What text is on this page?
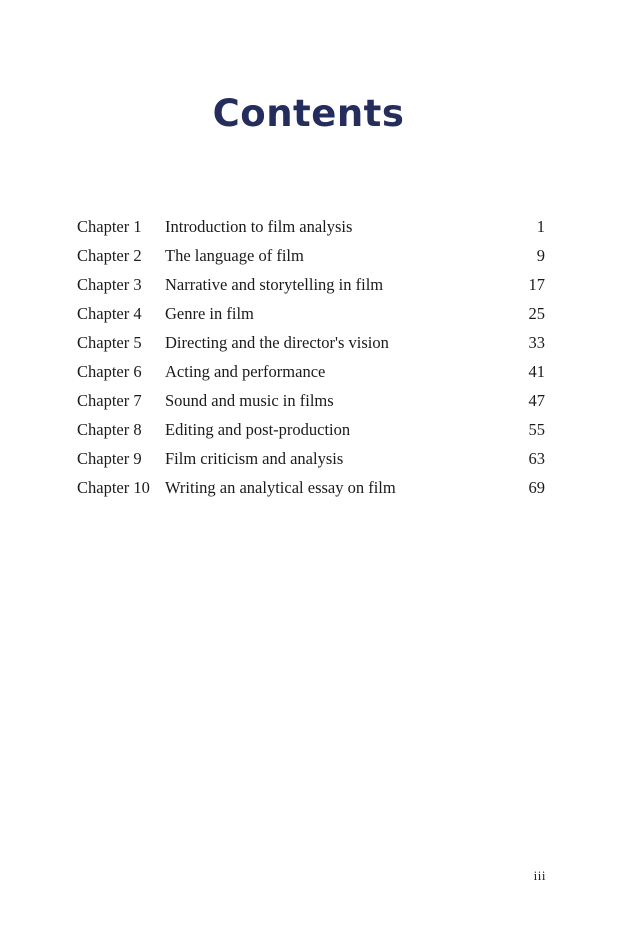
Contents
Chapter 1	Introduction to film analysis	1
Chapter 2	The language of film	9
Chapter 3	Narrative and storytelling in film	17
Chapter 4	Genre in film	25
Chapter 5	Directing and the director's vision	33
Chapter 6	Acting and performance	41
Chapter 7	Sound and music in films	47
Chapter 8	Editing and post-production	55
Chapter 9	Film criticism and analysis	63
Chapter 10 Writing an analytical essay on film	69
iii
